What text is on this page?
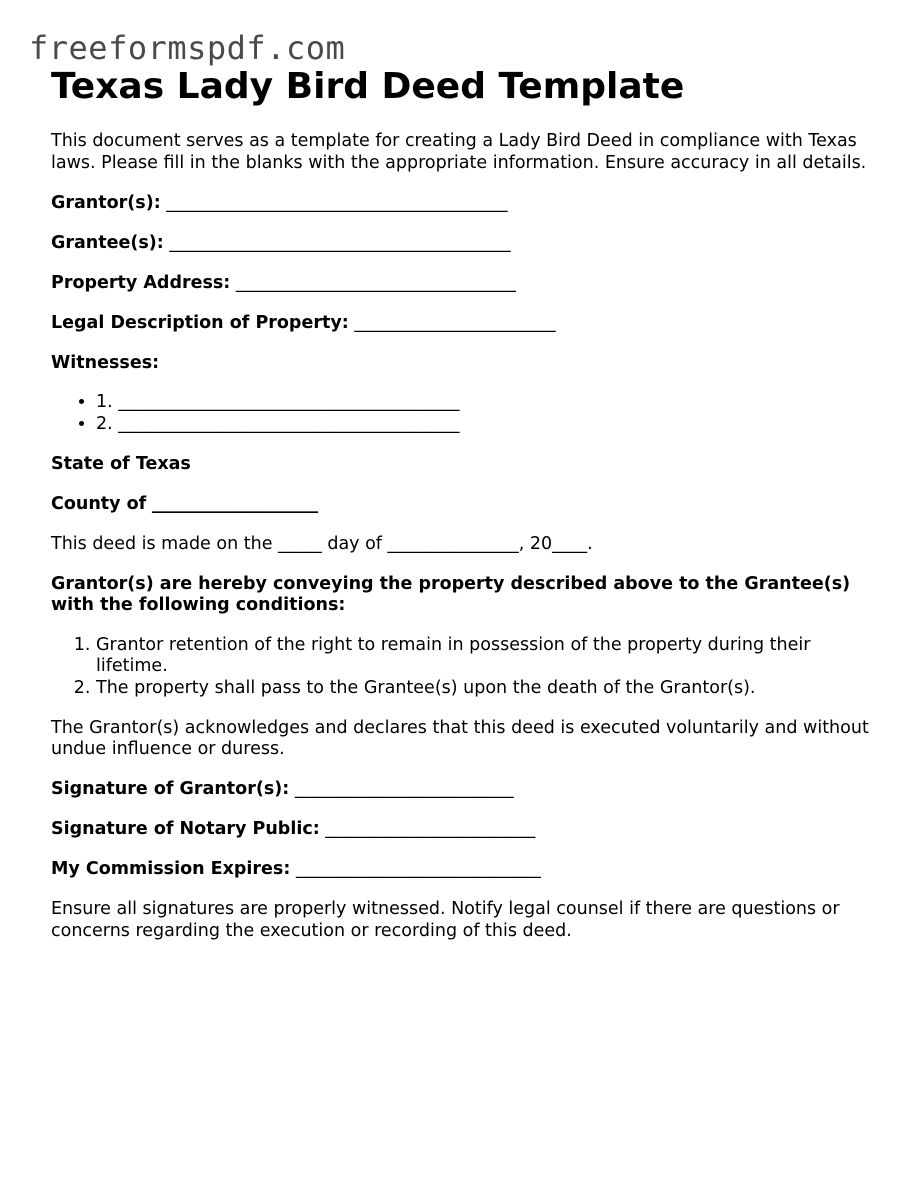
freeformspdf.com
Texas Lady Bird Deed Template

This document serves as a template for creating a Lady Bird Deed in compliance with Texas laws. Please fill in the blanks with the appropriate information. Ensure accuracy in all details.

Grantor(s): _______________________________________

Grantee(s): _______________________________________

Property Address: ________________________________

Legal Description of Property: _______________________

Witnesses:

• 1. _______________________________________
• 2. _______________________________________

State of Texas

County of ___________________

This deed is made on the _____ day of _______________, 20____.

Grantor(s) are hereby conveying the property described above to the Grantee(s) with the following conditions:

1. Grantor retention of the right to remain in possession of the property during their lifetime.
2. The property shall pass to the Grantee(s) upon the death of the Grantor(s).

The Grantor(s) acknowledges and declares that this deed is executed voluntarily and without undue influence or duress.

Signature of Grantor(s): _________________________

Signature of Notary Public: ________________________

My Commission Expires: ____________________________

Ensure all signatures are properly witnessed. Notify legal counsel if there are questions or concerns regarding the execution or recording of this deed.
